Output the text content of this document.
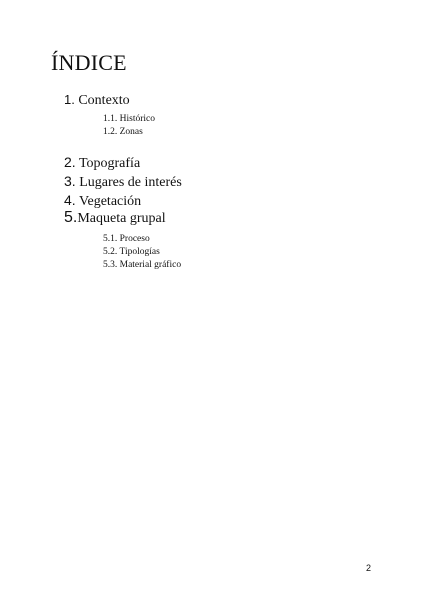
ÍNDICE
1. Contexto
1.1. Histórico
1.2. Zonas
2. Topografía
3. Lugares de interés
4. Vegetación
5.Maqueta grupal
5.1. Proceso
5.2. Tipologías
5.3. Material gráfico
2
